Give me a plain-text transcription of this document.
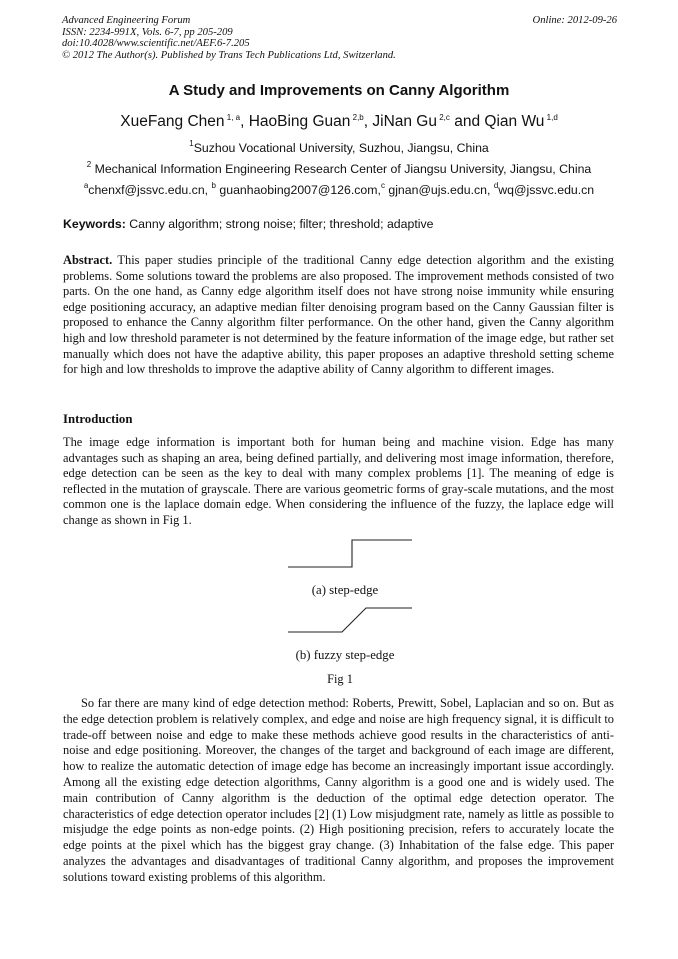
Advanced Engineering Forum
ISSN: 2234-991X, Vols. 6-7, pp 205-209
doi:10.4028/www.scientific.net/AEF.6-7.205
© 2012 The Author(s). Published by Trans Tech Publications Ltd, Switzerland.
Online: 2012-09-26
A Study and Improvements on Canny Algorithm
XueFang Chen $^{1, a}$, HaoBing Guan $^{2,b}$, JiNan Gu $^{2,c}$ and Qian Wu $^{1,d}$
$^1$Suzhou Vocational University, Suzhou, Jiangsu, China
$^2$ Mechanical Information Engineering Research Center of Jiangsu University, Jiangsu, China
$^a$chenxf@jssvc.edu.cn, $^b$ guanhaobing2007@126.com,$^c$ gjnan@ujs.edu.cn, $^d$wq@jssvc.edu.cn
Keywords: Canny algorithm; strong noise; filter; threshold; adaptive
Abstract. This paper studies principle of the traditional Canny edge detection algorithm and the existing problems. Some solutions toward the problems are also proposed. The improvement methods consisted of two parts. On the one hand, as Canny edge algorithm itself does not have strong noise immunity while ensuring edge positioning accuracy, an adaptive median filter denoising program based on the Canny Gaussian filter is proposed to enhance the Canny algorithm filter performance. On the other hand, given the Canny algorithm high and low threshold parameter is not determined by the feature information of the image edge, but rather set manually which does not have the adaptive ability, this paper proposes an adaptive threshold setting scheme for high and low thresholds to improve the adaptive ability of Canny algorithm to different images.
Introduction
The image edge information is important both for human being and machine vision. Edge has many advantages such as shaping an area, being defined partially, and delivering most image information, therefore, edge detection can be seen as the key to deal with many complex problems [1]. The meaning of edge is reflected in the mutation of grayscale. There are various geometric forms of gray-scale mutations, and the most common one is the laplace domain edge. When considering the influence of the fuzzy, the laplace edge will change as shown in Fig 1.
(a) step-edge
(b) fuzzy step-edge
Fig 1
So far there are many kind of edge detection method: Roberts, Prewitt, Sobel, Laplacian and so on. But as the edge detection problem is relatively complex, and edge and noise are high frequency signal, it is difficult to trade-off between noise and edge to make these methods achieve good results in the characteristics of anti-noise and edge positioning. Moreover, the changes of the target and background of each image are different, how to realize the automatic detection of image edge has become an increasingly important issue accordingly. Among all the existing edge detection algorithms, Canny algorithm is a good one and is widely used. The main contribution of Canny algorithm is the deduction of the optimal edge detection operator. The characteristics of edge detection operator includes [2] (1) Low misjudgment rate, namely as little as possible to misjudge the edge points as non-edge points. (2) High positioning precision, refers to accurately locate the edge points at the pixel which has the biggest gray change. (3) Inhabitation of the false edge. This paper analyzes the advantages and disadvantages of traditional Canny algorithm, and proposes the improvement solutions toward existing problems of this algorithm.
